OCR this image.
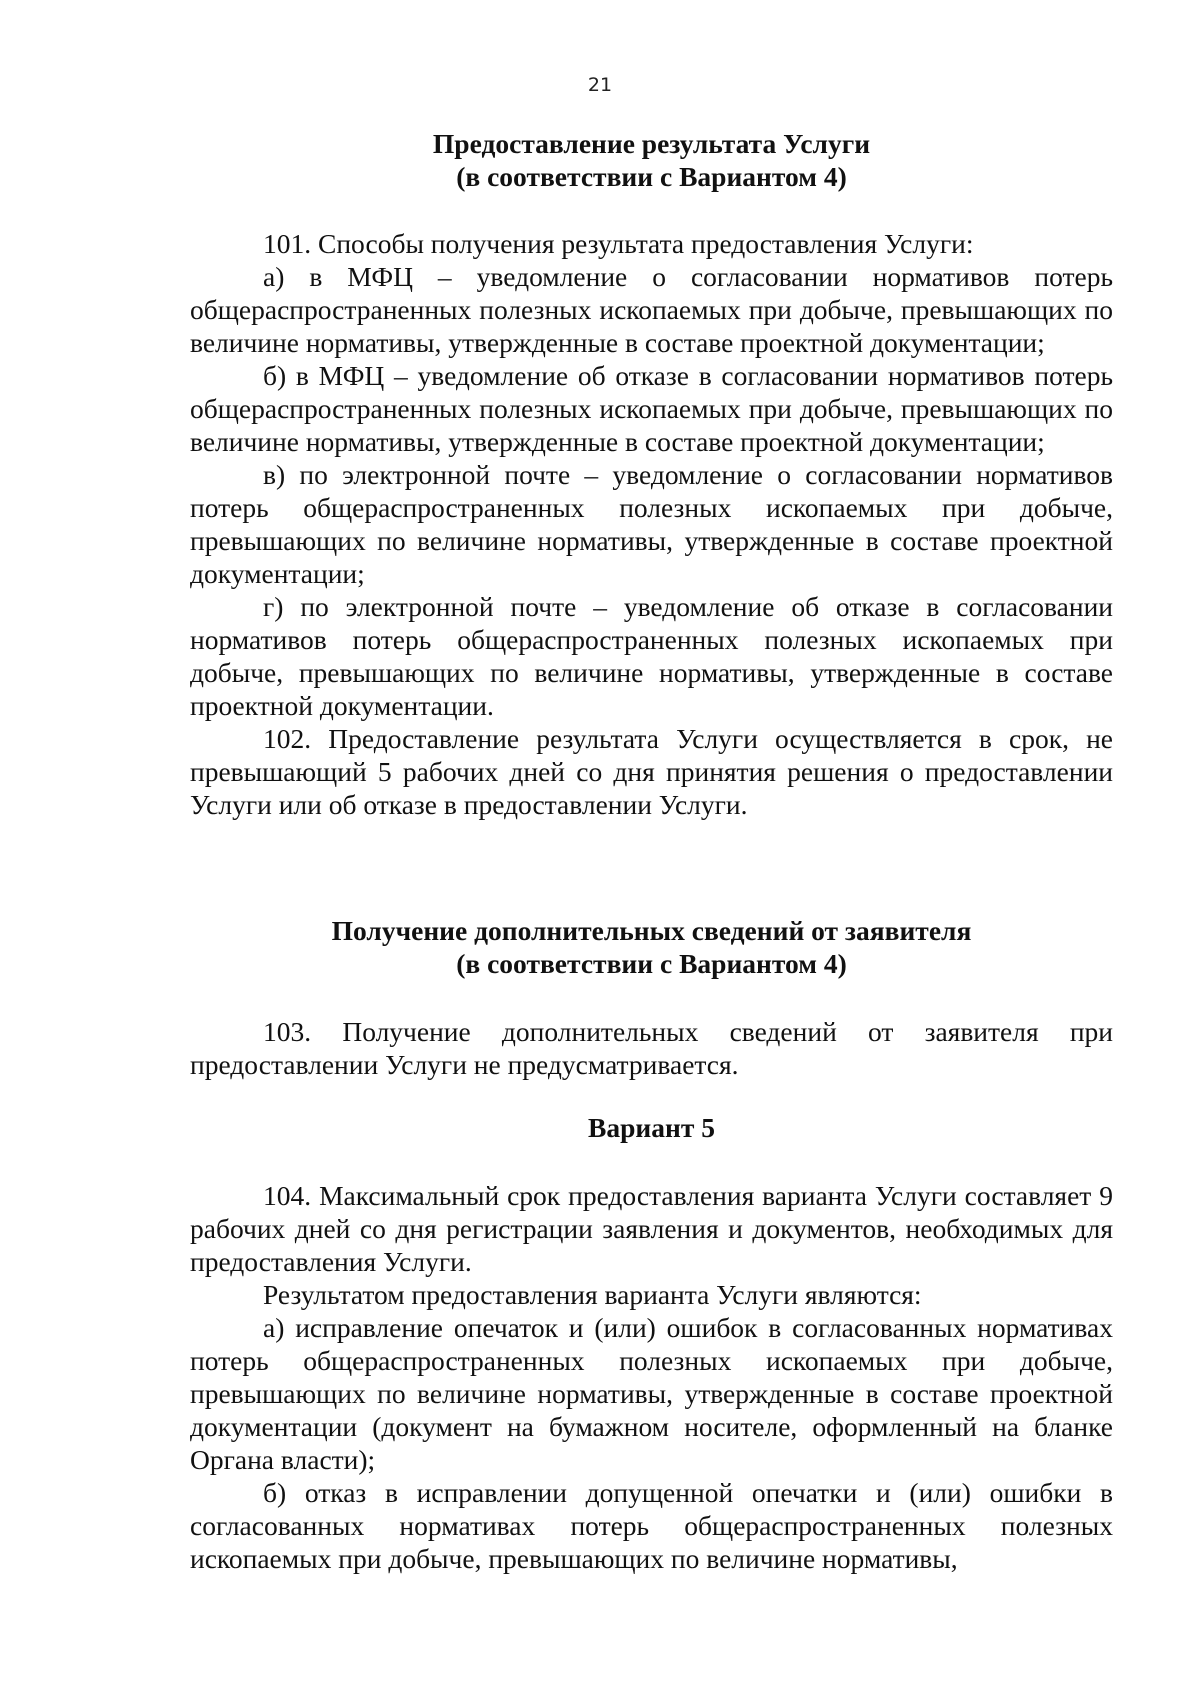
21
Предоставление результата Услуги
(в соответствии с Вариантом 4)

101. Способы получения результата предоставления Услуги:

а) в МФЦ – уведомление о согласовании нормативов потерь общераспространенных полезных ископаемых при добыче, превышающих по величине нормативы, утвержденные в составе проектной документации;

б) в МФЦ – уведомление об отказе в согласовании нормативов потерь общераспространенных полезных ископаемых при добыче, превышающих по величине нормативы, утвержденные в составе проектной документации;

в) по электронной почте – уведомление о согласовании нормативов потерь общераспространенных полезных ископаемых при добыче, превышающих по величине нормативы, утвержденные в составе проектной документации;

г) по электронной почте – уведомление об отказе в согласовании нормативов потерь общераспространенных полезных ископаемых при добыче, превышающих по величине нормативы, утвержденные в составе проектной документации.

102. Предоставление результата Услуги осуществляется в срок, не превышающий 5 рабочих дней со дня принятия решения о предоставлении Услуги или об отказе в предоставлении Услуги.

Получение дополнительных сведений от заявителя
(в соответствии с Вариантом 4)

103. Получение дополнительных сведений от заявителя при предоставлении Услуги не предусматривается.

Вариант 5

104. Максимальный срок предоставления варианта Услуги составляет 9 рабочих дней со дня регистрации заявления и документов, необходимых для предоставления Услуги.

Результатом предоставления варианта Услуги являются:

а) исправление опечаток и (или) ошибок в согласованных нормативах потерь общераспространенных полезных ископаемых при добыче, превышающих по величине нормативы, утвержденные в составе проектной документации (документ на бумажном носителе, оформленный на бланке Органа власти);

б) отказ в исправлении допущенной опечатки и (или) ошибки в согласованных нормативах потерь общераспространенных полезных ископаемых при добыче, превышающих по величине нормативы,
